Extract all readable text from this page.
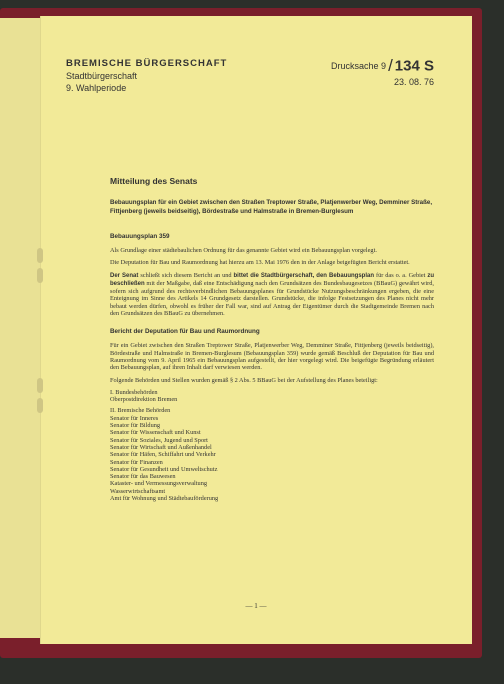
BREMISCHE BÜRGERSCHAFT
Stadtbürgerschaft
9. Wahlperiode
Drucksache 9 / 134 S
23. 08. 76
Mitteilung des Senats
Bebauungsplan für ein Gebiet zwischen den Straßen Treptower Straße, Platjenwerber Weg, Demminer Straße, Fittjenberg (jeweils beidseitig), Bördestraße und Halmstraße in Bremen-Burglesum
Bebauungsplan 359

Als Grundlage einer städtebaulichen Ordnung für das genannte Gebiet wird ein Bebauungsplan vorgelegt.

Die Deputation für Bau und Raumordnung hat hierzu am 13. Mai 1976 den in der Anlage beigefügten Bericht erstattet.

Der Senat schließt sich diesem Bericht an und bittet die Stadtbürgerschaft, den Bebauungsplan für das o. a. Gebiet zu beschließen mit der Maßgabe, daß eine Entschädigung nach den Grundsätzen des Bundesbaugesetzes (BBauG) gewährt wird, sofern sich aufgrund des rechtsverbindlichen Bebauungsplanes für Grundstücke Nutzungsbeschränkungen ergeben, die eine Enteignung im Sinne des Artikels 14 Grundgesetz darstellen. Grundstücke, die infolge Festsetzungen des Planes nicht mehr bebaut werden dürfen, obwohl es früher der Fall war, sind auf Antrag der Eigentümer durch die Stadtgemeinde Bremen nach den Grundsätzen des BBauG zu übernehmen.

Bericht der Deputation für Bau und Raumordnung

Für ein Gebiet zwischen den Straßen Treptower Straße, Platjenwerber Weg, Demminer Straße, Fittjenberg (jeweils beidseitig), Bördestraße und Halmstraße in Bremen-Burglesum (Bebauungsplan 359) wurde gemäß Beschluß der Deputation für Bau und Raumordnung vom 9. April 1965 ein Bebauungsplan aufgestellt, der hier vorgelegt wird. Die beigefügte Begründung erläutert den Bebauungsplan, auf ihren Inhalt darf verwiesen werden.

Folgende Behörden und Stellen wurden gemäß § 2 Abs. 5 BBauG bei der Aufstellung des Planes beteiligt:

I. Bundesbehörden
Oberpostdirektion Bremen
II. Bremische Behörden
Senator für Inneres
Senator für Bildung
Senator für Wissenschaft und Kunst
Senator für Soziales, Jugend und Sport
Senator für Wirtschaft und Außenhandel
Senator für Häfen, Schiffahrt und Verkehr
Senator für Finanzen
Senator für Gesundheit und Umweltschutz
Senator für das Bauwesen
Kataster- und Vermessungsverwaltung
Wasserwirtschaftsamt
Amt für Wohnung und Städtebauförderung
— 1 —
